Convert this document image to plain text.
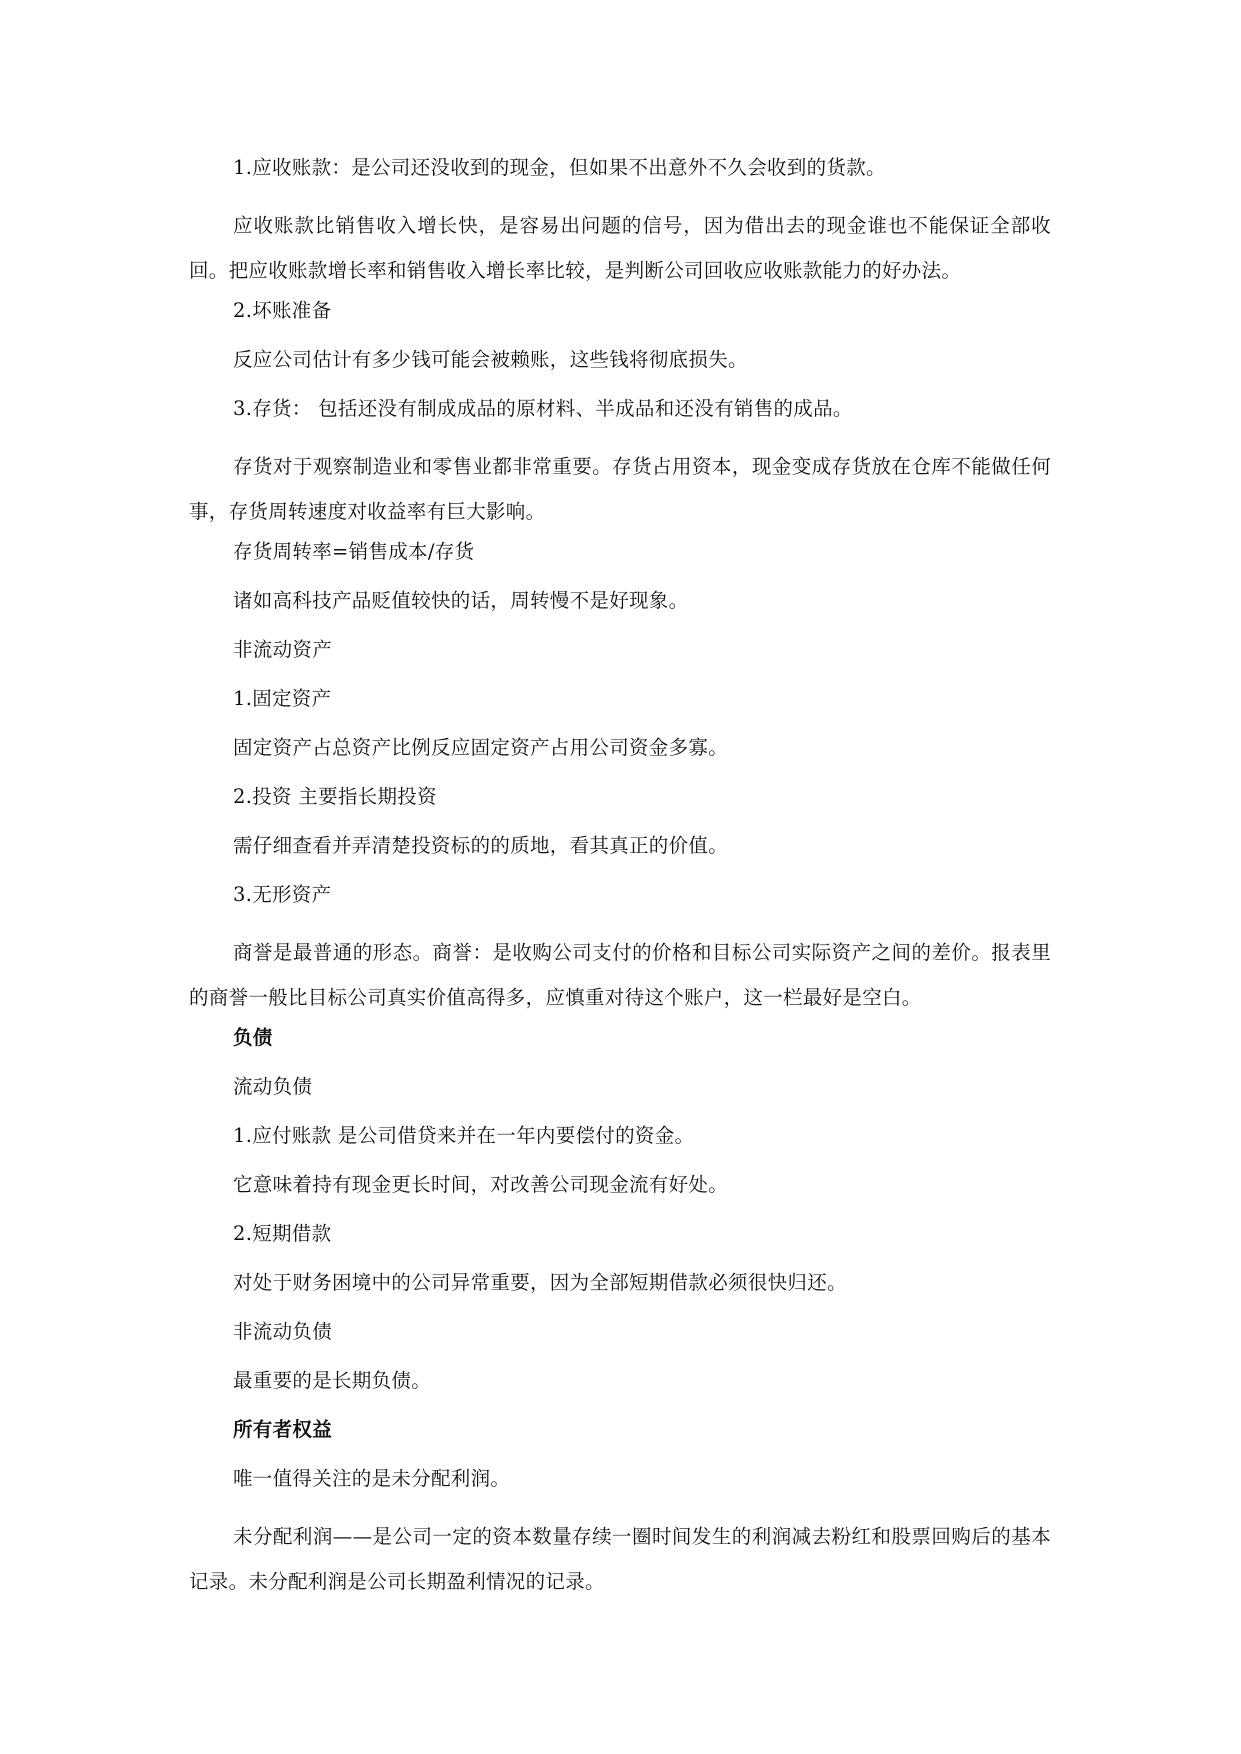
1.应收账款：是公司还没收到的现金，但如果不出意外不久会收到的货款。

应收账款比销售收入增长快，是容易出问题的信号，因为借出去的现金谁也不能保证全部收回。把应收账款增长率和销售收入增长率比较，是判断公司回收应收账款能力的好办法。

2.坏账准备

反应公司估计有多少钱可能会被赖账，这些钱将彻底损失。

3.存货： 包括还没有制成成品的原材料、半成品和还没有销售的成品。

存货对于观察制造业和零售业都非常重要。存货占用资本，现金变成存货放在仓库不能做任何事，存货周转速度对收益率有巨大影响。

存货周转率=销售成本/存货

诸如高科技产品贬值较快的话，周转慢不是好现象。

非流动资产

1.固定资产

固定资产占总资产比例反应固定资产占用公司资金多寡。

2.投资 主要指长期投资

需仔细查看并弄清楚投资标的的质地，看其真正的价值。

3.无形资产

商誉是最普通的形态。商誉：是收购公司支付的价格和目标公司实际资产之间的差价。报表里的商誉一般比目标公司真实价值高得多，应慎重对待这个账户，这一栏最好是空白。

负债

流动负债

1.应付账款 是公司借贷来并在一年内要偿付的资金。

它意味着持有现金更长时间，对改善公司现金流有好处。

2.短期借款

对处于财务困境中的公司异常重要，因为全部短期借款必须很快归还。

非流动负债

最重要的是长期负债。

所有者权益

唯一值得关注的是未分配利润。

未分配利润——是公司一定的资本数量存续一圈时间发生的利润减去粉红和股票回购后的基本记录。未分配利润是公司长期盈利情况的记录。
